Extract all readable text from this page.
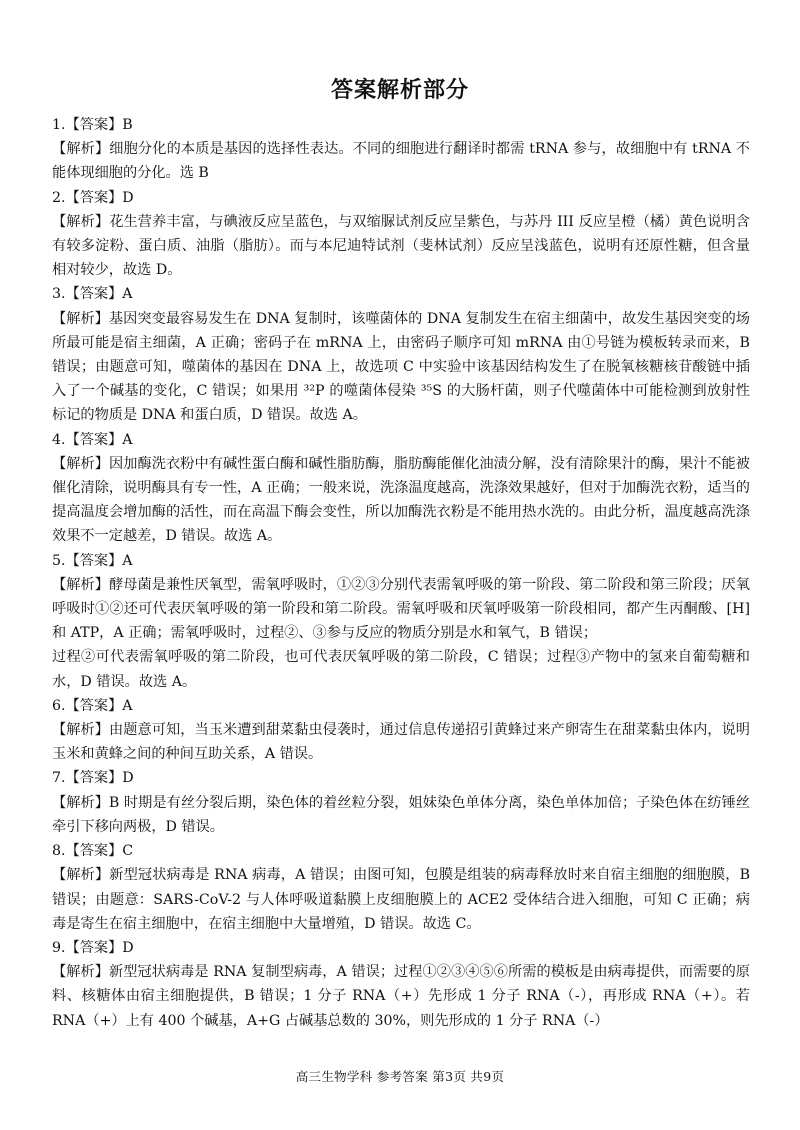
答案解析部分

1.【答案】B

【解析】细胞分化的本质是基因的选择性表达。不同的细胞进行翻译时都需 tRNA 参与，故细胞中有 tRNA 不能体现细胞的分化。选 B

2.【答案】D

【解析】花生营养丰富，与碘液反应呈蓝色，与双缩脲试剂反应呈紫色，与苏丹 III 反应呈橙（橘）黄色说明含有较多淀粉、蛋白质、油脂（脂肪）。而与本尼迪特试剂（斐林试剂）反应呈浅蓝色，说明有还原性糖，但含量相对较少，故选 D。

3.【答案】A

【解析】基因突变最容易发生在 DNA 复制时，该噬菌体的 DNA 复制发生在宿主细菌中，故发生基因突变的场所最可能是宿主细菌，A 正确；密码子在 mRNA 上，由密码子顺序可知 mRNA 由①号链为模板转录而来，B 错误；由题意可知，噬菌体的基因在 DNA 上，故选项 C 中实验中该基因结构发生了在脱氧核糖核苷酸链中插入了一个碱基的变化，C 错误；如果用 ³²P 的噬菌体侵染 ³⁵S 的大肠杆菌，则子代噬菌体中可能检测到放射性标记的物质是 DNA 和蛋白质，D 错误。故选 A。

4.【答案】A

【解析】因加酶洗衣粉中有碱性蛋白酶和碱性脂肪酶，脂肪酶能催化油渍分解，没有清除果汁的酶，果汁不能被催化清除，说明酶具有专一性，A 正确；一般来说，洗涤温度越高，洗涤效果越好，但对于加酶洗衣粉，适当的提高温度会增加酶的活性，而在高温下酶会变性，所以加酶洗衣粉是不能用热水洗的。由此分析，温度越高洗涤效果不一定越差，D 错误。故选 A。

5.【答案】A

【解析】酵母菌是兼性厌氧型，需氧呼吸时，①②③分别代表需氧呼吸的第一阶段、第二阶段和第三阶段；厌氧呼吸时①②还可代表厌氧呼吸的第一阶段和第二阶段。需氧呼吸和厌氧呼吸第一阶段相同，都产生丙酮酸、[H]和 ATP，A 正确；需氧呼吸时，过程②、③参与反应的物质分别是水和氧气，B 错误；

过程②可代表需氧呼吸的第二阶段，也可代表厌氧呼吸的第二阶段，C 错误；过程③产物中的氢来自葡萄糖和水，D 错误。故选 A。

6.【答案】A

【解析】由题意可知，当玉米遭到甜菜黏虫侵袭时，通过信息传递招引黄蜂过来产卵寄生在甜菜黏虫体内，说明玉米和黄蜂之间的种间互助关系，A 错误。

7.【答案】D

【解析】B 时期是有丝分裂后期，染色体的着丝粒分裂，姐妹染色单体分离，染色单体加倍；子染色体在纺锤丝牵引下移向两极，D 错误。

8.【答案】C

【解析】新型冠状病毒是 RNA 病毒，A 错误；由图可知，包膜是组装的病毒释放时来自宿主细胞的细胞膜，B 错误；由题意：SARS-CoV-2 与人体呼吸道黏膜上皮细胞膜上的 ACE2 受体结合进入细胞，可知 C 正确；病毒是寄生在宿主细胞中，在宿主细胞中大量增殖，D 错误。故选 C。

9.【答案】D

【解析】新型冠状病毒是 RNA 复制型病毒，A 错误；过程①②③④⑤⑥所需的模板是由病毒提供，而需要的原料、核糖体由宿主细胞提供，B 错误；1 分子 RNA（+）先形成 1 分子 RNA（-），再形成 RNA（+）。若 RNA（+）上有 400 个碱基，A+G 占碱基总数的 30%，则先形成的 1 分子 RNA（-）

高三生物学科 参考答案 第3页 共9页
